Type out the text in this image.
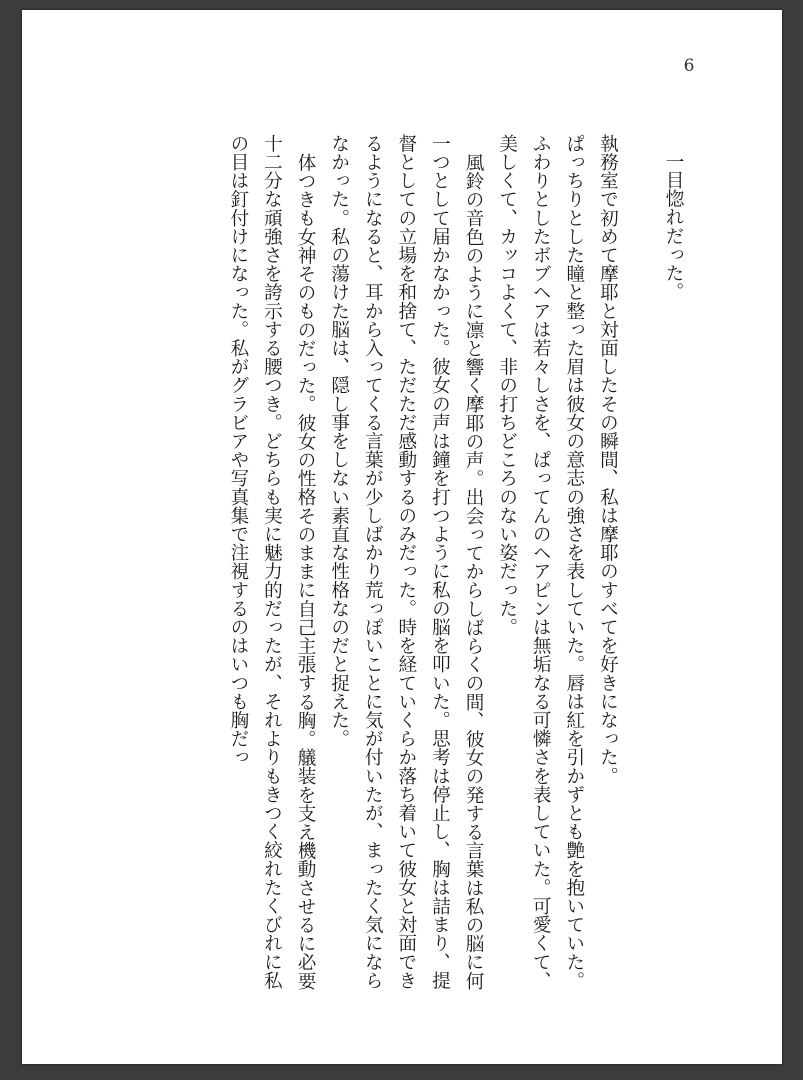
6

一目惚れだった。

執務室で初めて摩耶と対面したその瞬間、私は摩耶のすべてを好きになった。

ぱっちりとした瞳と整った眉は彼女の意志の強さを表していた。唇は紅を引かずとも艶を抱いていた。ふわりとしたボブヘアは若々しさを、ぱってんのヘアピンは無垢なる可憐さを表していた。可愛くて、美しくて、カッコよくて、非の打ちどころのない姿だった。

風鈴の音色のように凛と響く摩耶の声。出会ってからしばらくの間、彼女の発する言葉は私の脳に何一つとして届かなかった。彼女の声は鐘を打つように私の脳を叩いた。思考は停止し、胸は詰まり、提督としての立場を和捨て、ただただ感動するのみだった。時を経ていくらか落ち着いて彼女と対面できるようになると、耳から入ってくる言葉が少しばかり荒っぽいことに気が付いたが、まったく気にならなかった。私の蕩けた脳は、隠し事をしない素直な性格なのだと捉えた。

体つきも女神そのものだった。彼女の性格そのままに自己主張する胸。艤装を支え機動させるに必要十二分な頑強さを誇示する腰つき。どちらも実に魅力的だったが、それよりもきつく絞れたくびれに私の目は釘付けになった。私がグラビアや写真集で注視するのはいつも胸だっ
